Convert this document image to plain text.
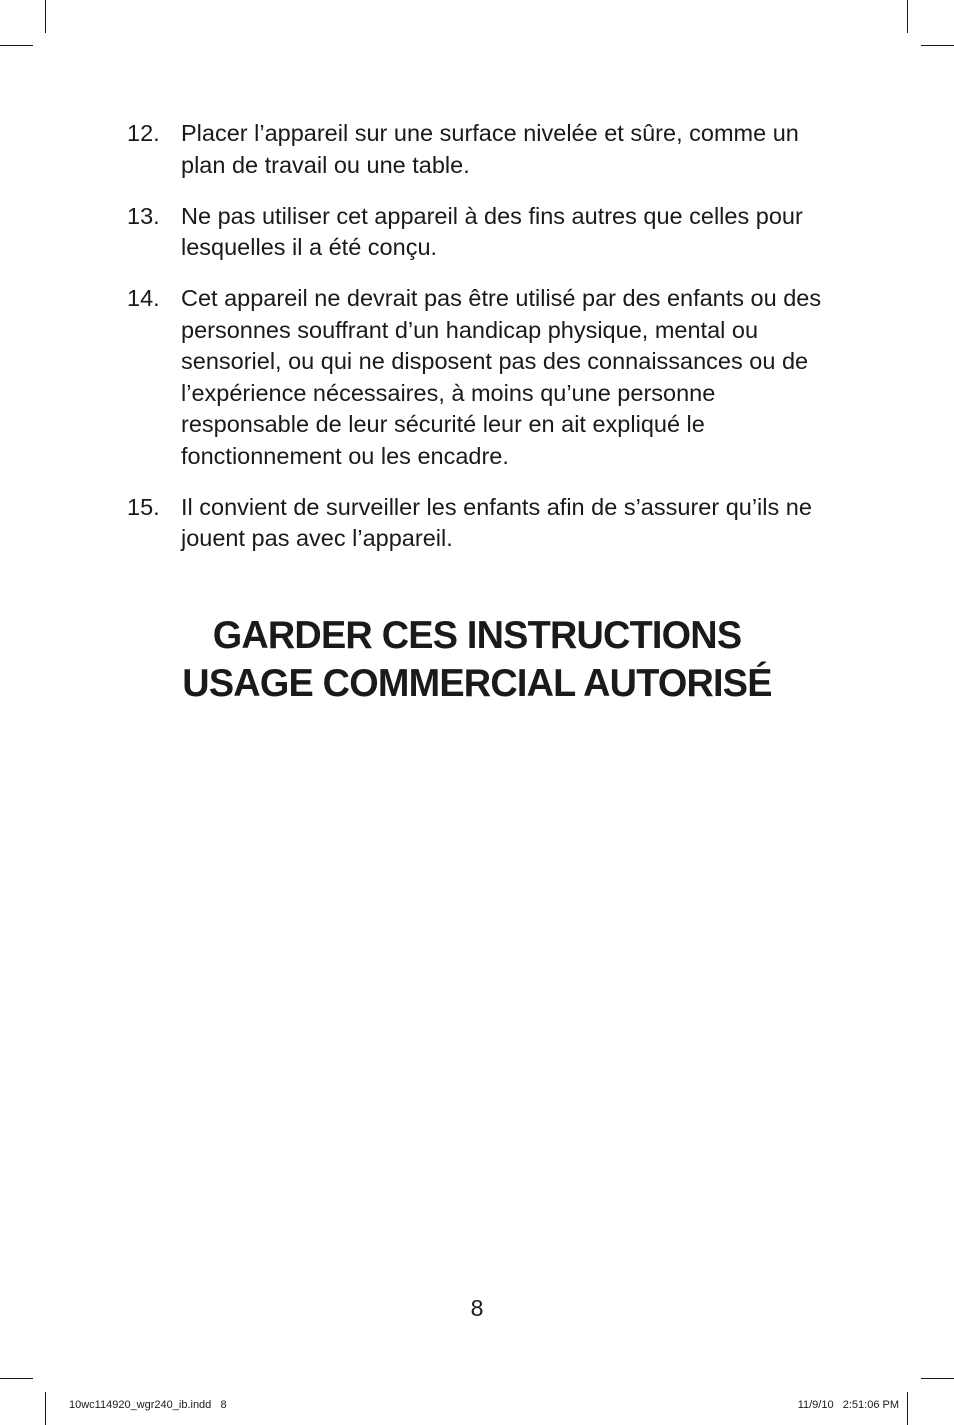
12. Placer l’appareil sur une surface nivelée et sûre, comme un plan de travail ou une table.
13. Ne pas utiliser cet appareil à des fins autres que celles pour lesquelles il a été conçu.
14. Cet appareil ne devrait pas être utilisé par des enfants ou des personnes souffrant d’un handicap physique, mental ou sensoriel, ou qui ne disposent pas des connaissances ou de l’expérience nécessaires, à moins qu’une personne responsable de leur sécurité leur en ait expliqué le fonctionnement ou les encadre.
15. Il convient de surveiller les enfants afin de s’assurer qu’ils ne jouent pas avec l’appareil.
GARDER CES INSTRUCTIONS
USAGE COMMERCIAL AUTORISÉ
8
10wc114920_wgr240_ib.indd   8	11/9/10   2:51:06 PM
